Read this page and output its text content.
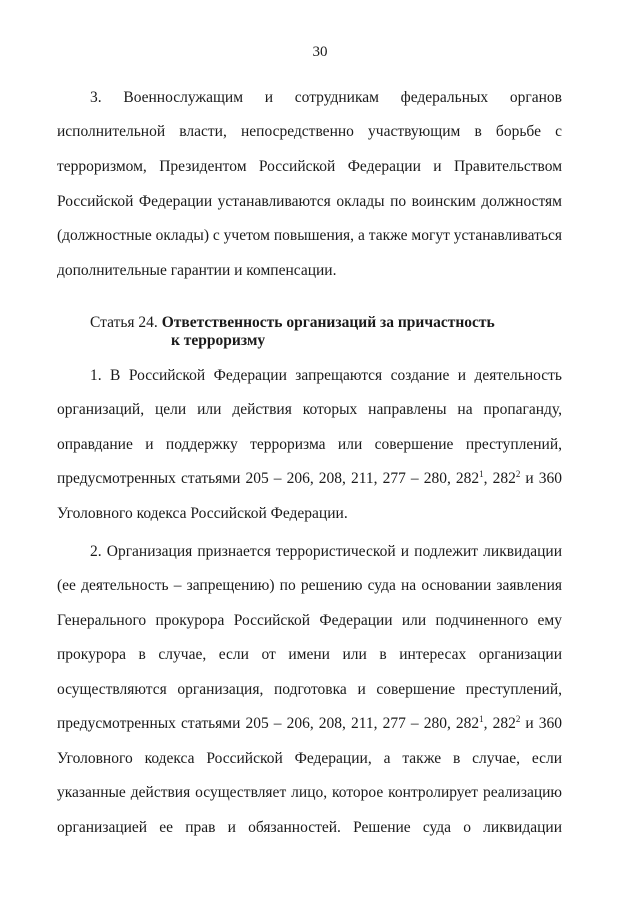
30
3. Военнослужащим и сотрудникам федеральных органов
исполнительной власти, непосредственно участвующим в борьбе с
терроризмом, Президентом Российской Федерации и Правительством
Российской Федерации устанавливаются оклады по воинским должностям
(должностные оклады) с учетом повышения, а также могут устанавливаться
дополнительные гарантии и компенсации.
Статья 24. Ответственность организаций за причастность
к терроризму
1. В Российской Федерации запрещаются создание и деятельность
организаций, цели или действия которых направлены на пропаганду,
оправдание и поддержку терроризма или совершение преступлений,
предусмотренных статьями 205 – 206, 208, 211, 277 – 280, $282^1$, $282^2$ и 360
Уголовного кодекса Российской Федерации.
2. Организация признается террористической и подлежит ликвидации
(ее деятельность – запрещению) по решению суда на основании заявления
Генерального прокурора Российской Федерации или подчиненного ему
прокурора в случае, если от имени или в интересах организации
осуществляются организация, подготовка и совершение преступлений,
предусмотренных статьями 205 – 206, 208, 211, 277 – 280, $282^1$, $282^2$ и 360
Уголовного кодекса Российской Федерации, а также в случае, если
указанные действия осуществляет лицо, которое контролирует реализацию
организацией ее прав и обязанностей. Решение суда о ликвидации
